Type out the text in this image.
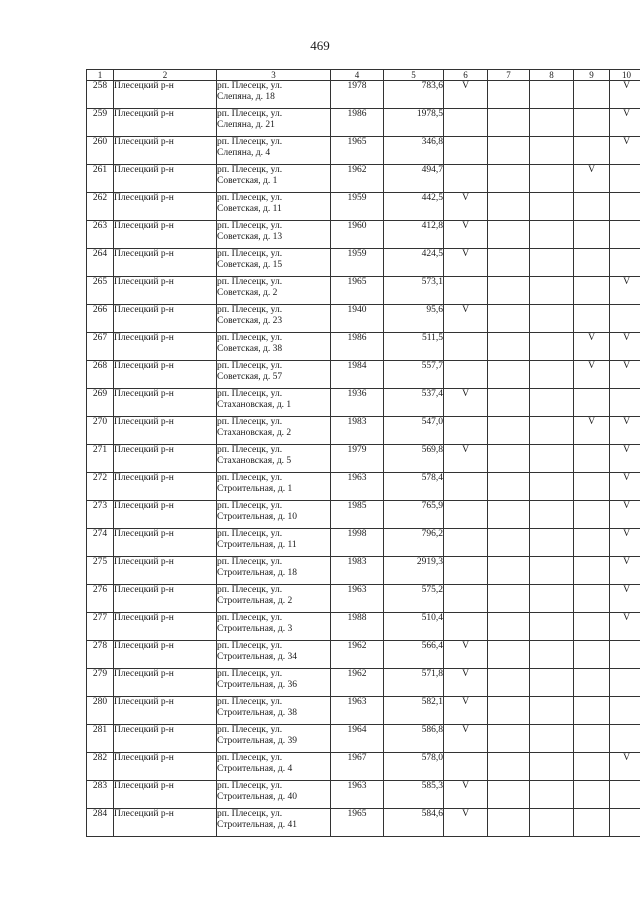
469
1	2	3	4	5	6	7	8	9	10
258	Плесецкий р-н	рп. Плесецк, ул.
Слепяна, д. 18	1978	783,6	V				V
259	Плесецкий р-н	рп. Плесецк, ул.
Слепяна, д. 21	1986	1978,5					V
260	Плесецкий р-н	рп. Плесецк, ул.
Слепяна, д. 4	1965	346,8					V
261	Плесецкий р-н	рп. Плесецк, ул.
Советская, д. 1	1962	494,7				V	
262	Плесецкий р-н	рп. Плесецк, ул.
Советская, д. 11	1959	442,5	V				
263	Плесецкий р-н	рп. Плесецк, ул.
Советская, д. 13	1960	412,8	V				
264	Плесецкий р-н	рп. Плесецк, ул.
Советская, д. 15	1959	424,5	V				
265	Плесецкий р-н	рп. Плесецк, ул.
Советская, д. 2	1965	573,1					V
266	Плесецкий р-н	рп. Плесецк, ул.
Советская, д. 23	1940	95,6	V				
267	Плесецкий р-н	рп. Плесецк, ул.
Советская, д. 38	1986	511,5				V	V
268	Плесецкий р-н	рп. Плесецк, ул.
Советская, д. 57	1984	557,7				V	V
269	Плесецкий р-н	рп. Плесецк, ул.
Стахановская, д. 1	1936	537,4	V				
270	Плесецкий р-н	рп. Плесецк, ул.
Стахановская, д. 2	1983	547,0				V	V
271	Плесецкий р-н	рп. Плесецк, ул.
Стахановская, д. 5	1979	569,8	V				V
272	Плесецкий р-н	рп. Плесецк, ул.
Строительная, д. 1	1963	578,4					V
273	Плесецкий р-н	рп. Плесецк, ул.
Строительная, д. 10	1985	765,9					V
274	Плесецкий р-н	рп. Плесецк, ул.
Строительная, д. 11	1998	796,2					V
275	Плесецкий р-н	рп. Плесецк, ул.
Строительная, д. 18	1983	2919,3					V
276	Плесецкий р-н	рп. Плесецк, ул.
Строительная, д. 2	1963	575,2					V
277	Плесецкий р-н	рп. Плесецк, ул.
Строительная, д. 3	1988	510,4					V
278	Плесецкий р-н	рп. Плесецк, ул.
Строительная, д. 34	1962	566,4	V				
279	Плесецкий р-н	рп. Плесецк, ул.
Строительная, д. 36	1962	571,8	V				
280	Плесецкий р-н	рп. Плесецк, ул.
Строительная, д. 38	1963	582,1	V				
281	Плесецкий р-н	рп. Плесецк, ул.
Строительная, д. 39	1964	586,8	V				
282	Плесецкий р-н	рп. Плесецк, ул.
Строительная, д. 4	1967	578,0					V
283	Плесецкий р-н	рп. Плесецк, ул.
Строительная, д. 40	1963	585,3	V				
284	Плесецкий р-н	рп. Плесецк, ул.
Строительная, д. 41	1965	584,6	V				
